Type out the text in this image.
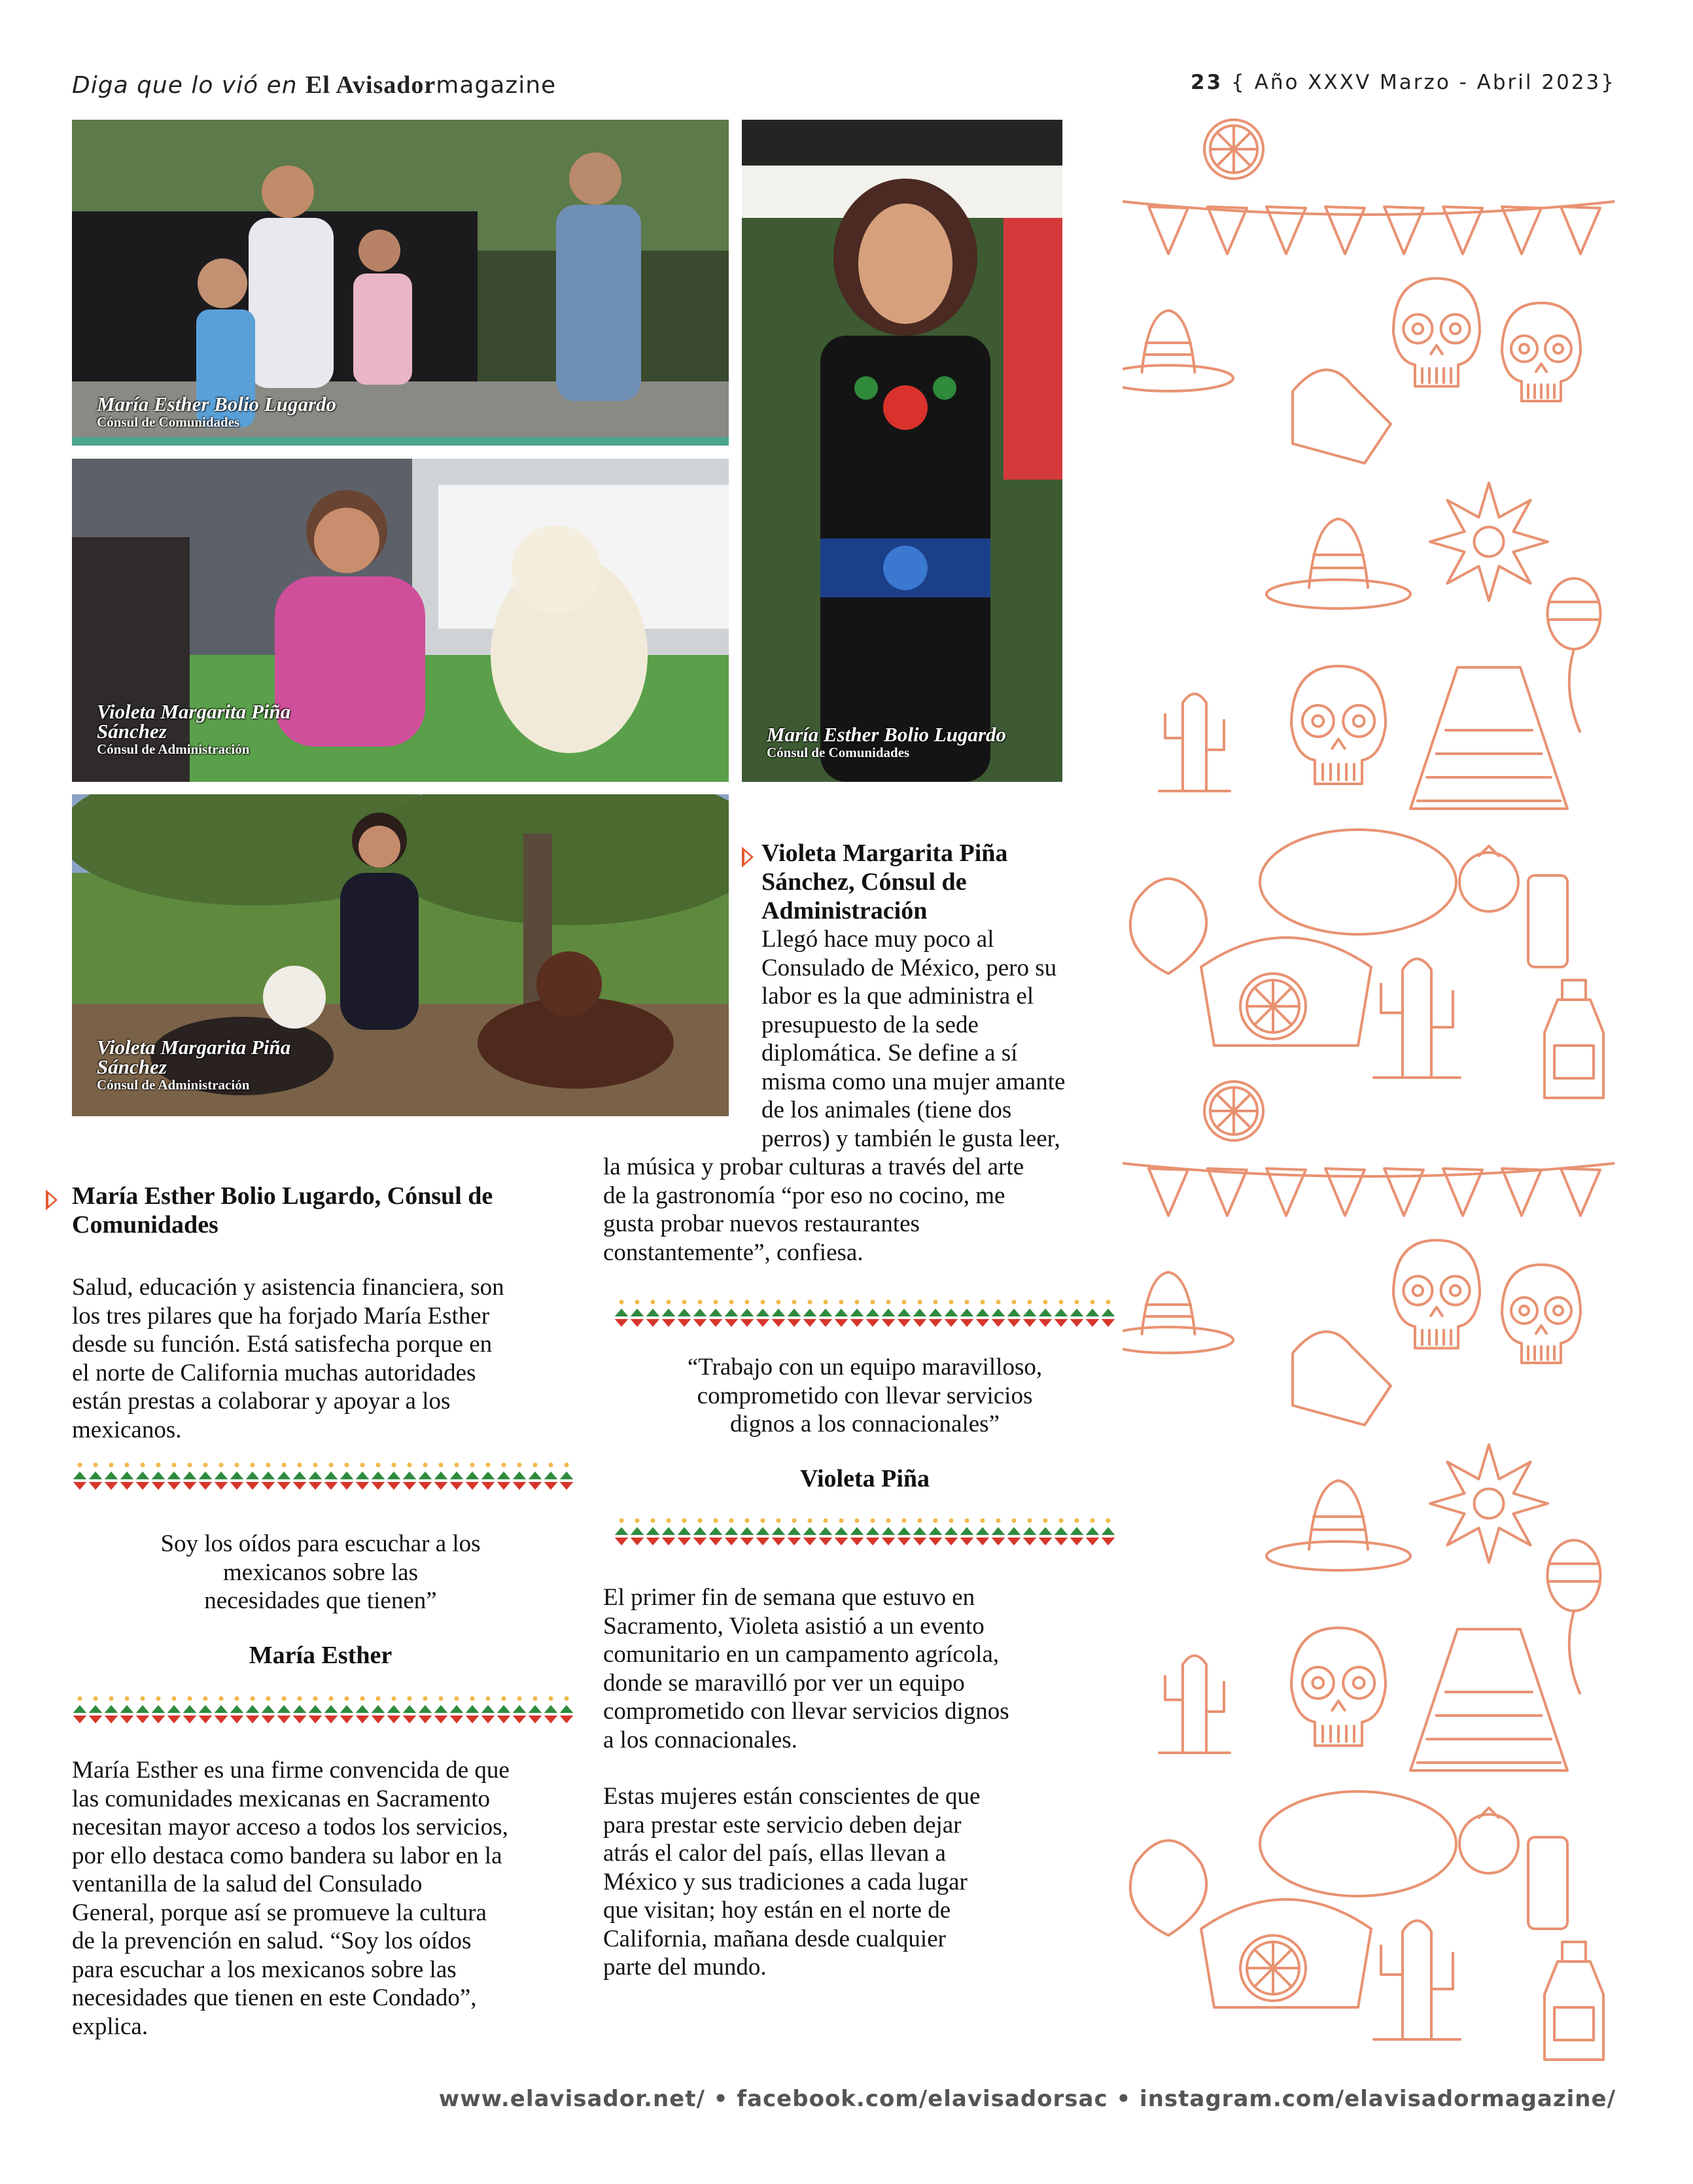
Diga que lo vió en El Avisadormagazine	23 { Año XXXV Marzo - Abril 2023}
María Esther Bolio Lugardo
Cónsul de Comunidades
Violeta Margarita Piña Sánchez
Cónsul de Administración
María Esther Bolio Lugardo
Cónsul de Comunidades
Violeta Margarita Piña Sánchez
Cónsul de Administración
María Esther Bolio Lugardo, Cónsul de Comunidades
Salud, educación y asistencia financiera, son
los tres pilares que ha forjado María Esther
desde su función. Está satisfecha porque en
el norte de California muchas autoridades
están prestas a colaborar y apoyar a los
mexicanos.
Soy los oídos para escuchar a los
mexicanos sobre las
necesidades que tienen”
María Esther
María Esther es una firme convencida de que
las comunidades mexicanas en Sacramento
necesitan mayor acceso a todos los servicios,
por ello destaca como bandera su labor en la
ventanilla de la salud del Consulado
General, porque así se promueve la cultura
de la prevención en salud. “Soy los oídos
para escuchar a los mexicanos sobre las
necesidades que tienen en este Condado”,
explica.
Violeta Margarita Piña
Sánchez, Cónsul de
Administración
Llegó hace muy poco al
Consulado de México, pero su
labor es la que administra el
presupuesto de la sede
diplomática. Se define a sí
misma como una mujer amante
de los animales (tiene dos
perros) y también le gusta leer,
la música y probar culturas a través del arte
de la gastronomía “por eso no cocino, me
gusta probar nuevos restaurantes
constantemente”, confiesa.
“Trabajo con un equipo maravilloso,
comprometido con llevar servicios
dignos a los connacionales”
Violeta Piña
El primer fin de semana que estuvo en
Sacramento, Violeta asistió a un evento
comunitario en un campamento agrícola,
donde se maravilló por ver un equipo
comprometido con llevar servicios dignos
a los connacionales.
Estas mujeres están conscientes de que
para prestar este servicio deben dejar
atrás el calor del país, ellas llevan a
México y sus tradiciones a cada lugar
que visitan; hoy están en el norte de
California, mañana desde cualquier
parte del mundo.
www.elavisador.net/ • facebook.com/elavisadorsac • instagram.com/elavisadormagazine/
